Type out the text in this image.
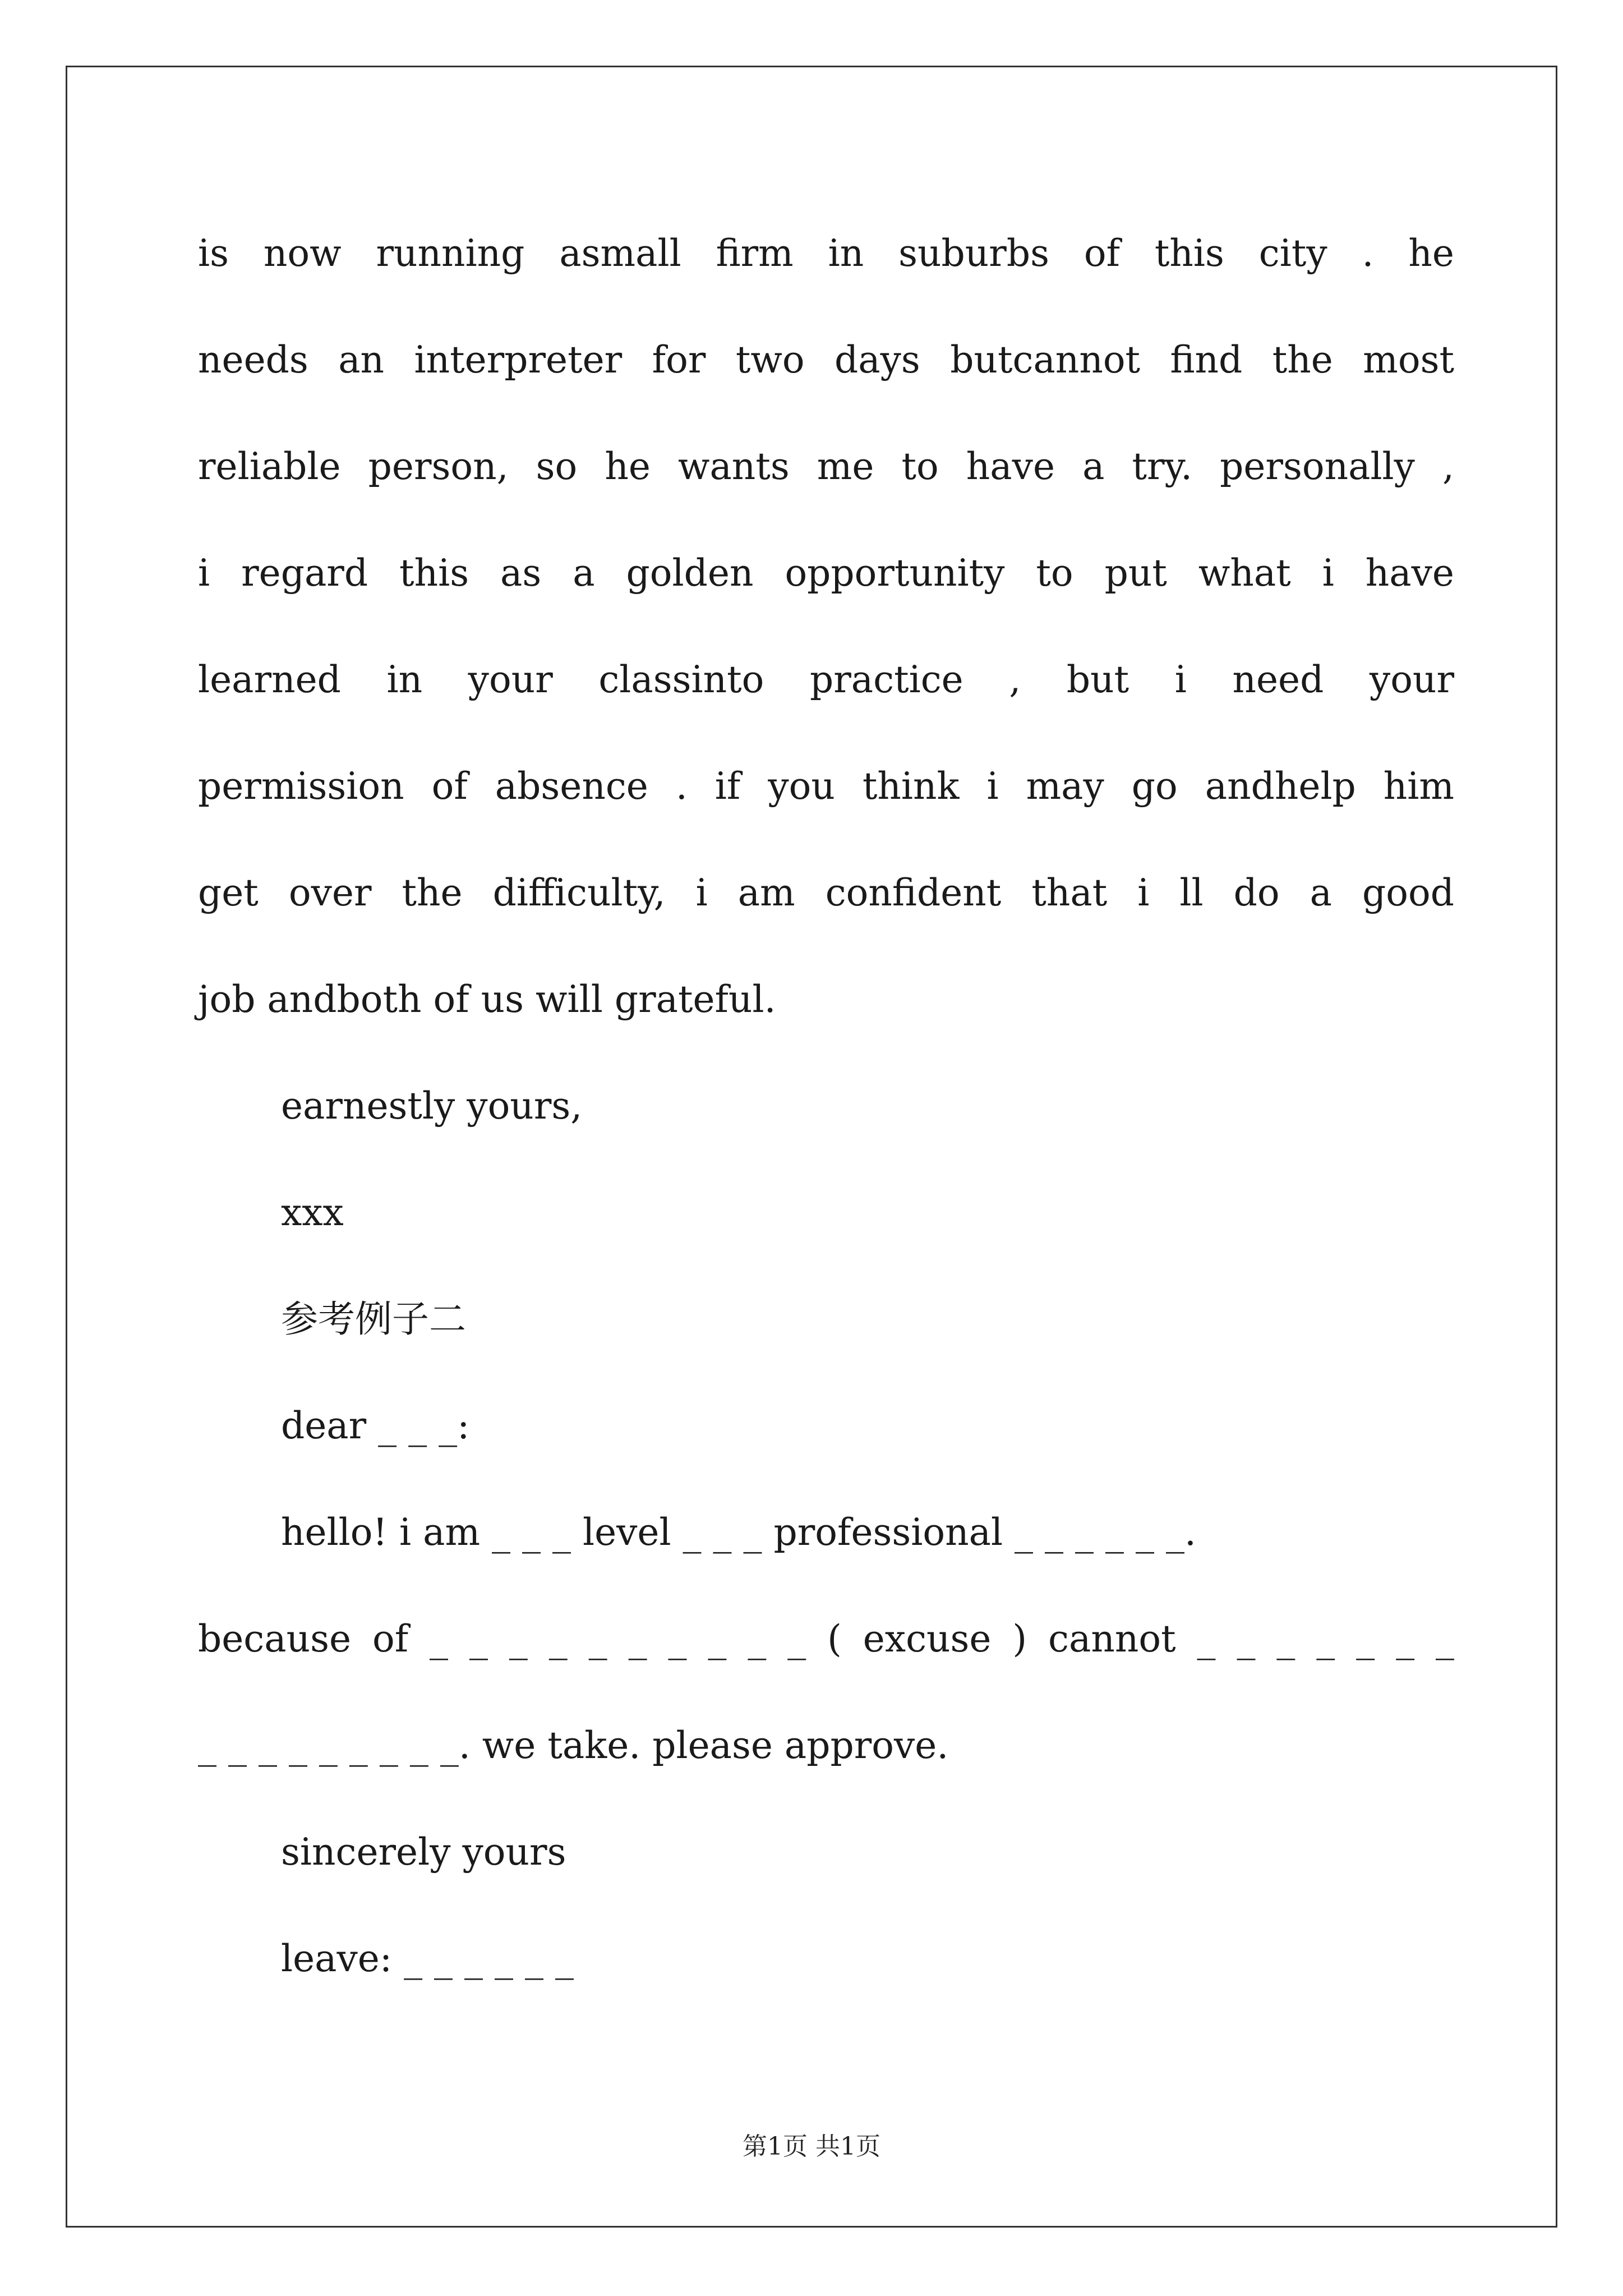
is now running asmall firm in suburbs of this city . he
needs an interpreter for two days butcannot find the most
reliable person, so he wants me to have a try. personally ,
i regard this as a golden opportunity to put what i have
learned in your classinto practice , but i need your
permission of absence . if you think i may go andhelp him
get over the difficulty, i am confident that i ll do a good
job andboth of us will grateful.
earnestly yours,
xxx
参考例子二
dear _ _ _:
hello! i am _ _ _ level _ _ _ professional _ _ _ _ _ _.
because of _ _ _ _ _ _ _ _ _ _ ( excuse ) cannot _ _ _ _ _ _ _
_ _ _ _ _ _ _ _ _. we take. please approve.
sincerely yours
leave: _ _ _ _ _ _
第1页 共1页
